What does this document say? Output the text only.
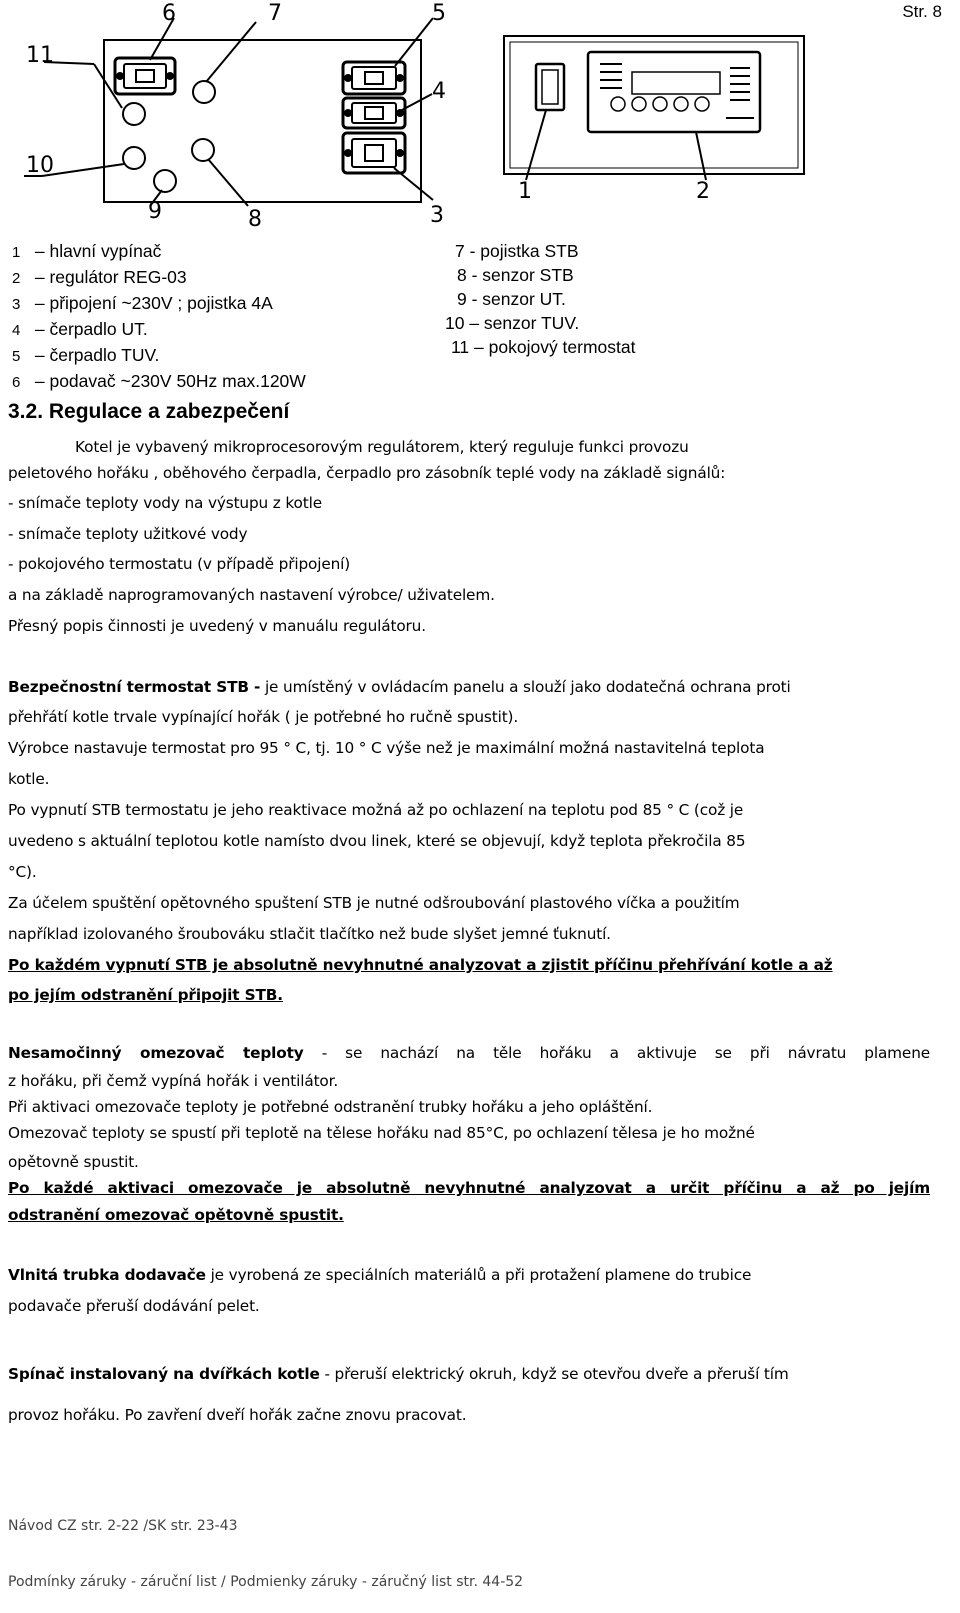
Str. 8
6	7	5
11
4
10
9	8	3
1	2
1 – hlavní vypínač
2 – regulátor REG-03
3 – připojení ~230V ; pojistka 4A
4 – čerpadlo UT.
5 – čerpadlo TUV.
6 – podavač ~230V 50Hz max.120W
7 - pojistka STB
8 - senzor STB
9 - senzor UT.
10 – senzor TUV.
11 – pokojový termostat
3.2. Regulace a zabezpečení
Kotel je vybavený mikroprocesorovým regulátorem, který reguluje funkci provozu
peletového hořáku , oběhového čerpadla, čerpadlo pro zásobník teplé vody na základě signálů:
- snímače teploty vody na výstupu z kotle
- snímače teploty užitkové vody
- pokojového termostatu (v případě připojení)
a na základě naprogramovaných nastavení výrobce/ uživatelem.
Přesný popis činnosti je uvedený v manuálu regulátoru.
Bezpečnostní termostat STB - je umístěný v ovládacím panelu a slouží jako dodatečná ochrana proti
přehřátí kotle trvale vypínající hořák ( je potřebné ho ručně spustit).
Výrobce nastavuje termostat pro 95 ° C, tj. 10 ° C výše než je maximální možná nastavitelná teplota
kotle.
Po vypnutí STB termostatu je jeho reaktivace možná až po ochlazení na teplotu pod 85 ° C (což je
uvedeno s aktuální teplotou kotle namísto dvou linek, které se objevují, když teplota překročila 85
°C).
Za účelem spuštění opětovného spuštení STB je nutné odšroubování plastového víčka a použitím
například izolovaného šroubováku stlačit tlačítko než bude slyšet jemné ťuknutí.
Po každém vypnutí STB je absolutně nevyhnutné analyzovat a zjistit příčinu přehřívání kotle a až
po jejím odstranění připojit STB.
Nesamočinný omezovač teploty - se nachází na těle hořáku a aktivuje se při návratu plamene
z hořáku, při čemž vypíná hořák i ventilátor.
Při aktivaci omezovače teploty je potřebné odstranění trubky hořáku a jeho opláštění.
Omezovač teploty se spustí při teplotě na tělese hořáku nad 85°C, po ochlazení tělesa je ho možné
opětovně spustit.
Po každé aktivaci omezovače je absolutně nevyhnutné analyzovat a určit příčinu a až po jejím
odstranění omezovač opětovně spustit.
Vlnitá trubka dodavače je vyrobená ze speciálních materiálů a při protažení plamene do trubice
podavače přeruší dodávání pelet.
Spínač instalovaný na dvířkách kotle - přeruší elektrický okruh, když se otevřou dveře a přeruší tím
provoz hořáku. Po zavření dveří hořák začne znovu pracovat.
Návod CZ str. 2-22 /SK str. 23-43
Podmínky záruky - záruční list / Podmienky záruky - záručný list str. 44-52
